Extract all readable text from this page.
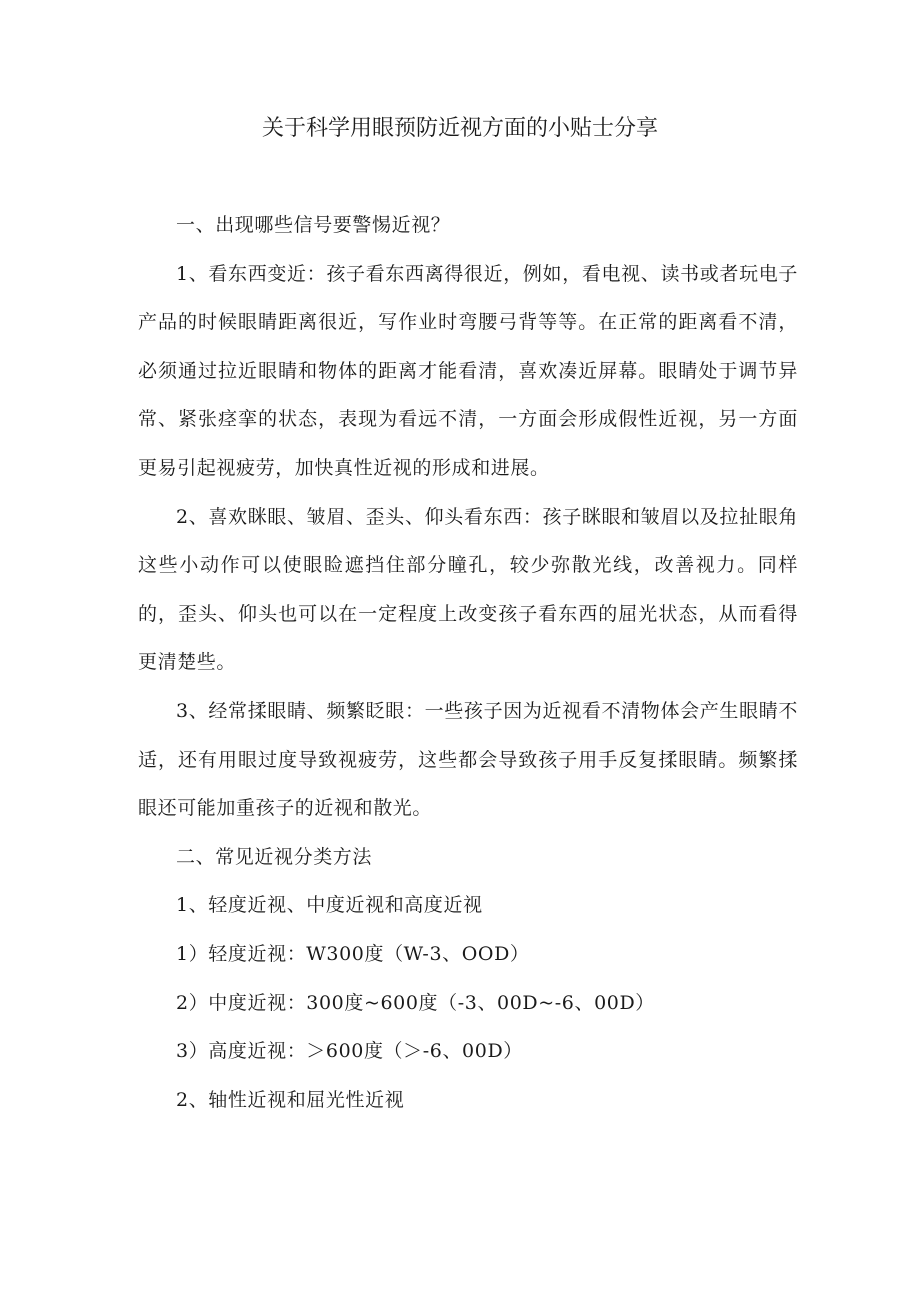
关于科学用眼预防近视方面的小贴士分享

一、出现哪些信号要警惕近视？

1、看东西变近：孩子看东西离得很近，例如，看电视、读书或者玩电子产品的时候眼睛距离很近，写作业时弯腰弓背等等。在正常的距离看不清，必须通过拉近眼睛和物体的距离才能看清，喜欢凑近屏幕。眼睛处于调节异常、紧张痉挛的状态，表现为看远不清，一方面会形成假性近视，另一方面更易引起视疲劳，加快真性近视的形成和进展。

2、喜欢眯眼、皱眉、歪头、仰头看东西：孩子眯眼和皱眉以及拉扯眼角这些小动作可以使眼睑遮挡住部分瞳孔，较少弥散光线，改善视力。同样的，歪头、仰头也可以在一定程度上改变孩子看东西的屈光状态，从而看得更清楚些。

3、经常揉眼睛、频繁眨眼：一些孩子因为近视看不清物体会产生眼睛不适，还有用眼过度导致视疲劳，这些都会导致孩子用手反复揉眼睛。频繁揉眼还可能加重孩子的近视和散光。

二、常见近视分类方法

1、轻度近视、中度近视和高度近视

1）轻度近视：W300度（W-3、OOD）

2）中度近视：300度~600度（-3、00D~-6、00D）

3）高度近视：＞600度（＞-6、00D）

2、轴性近视和屈光性近视
